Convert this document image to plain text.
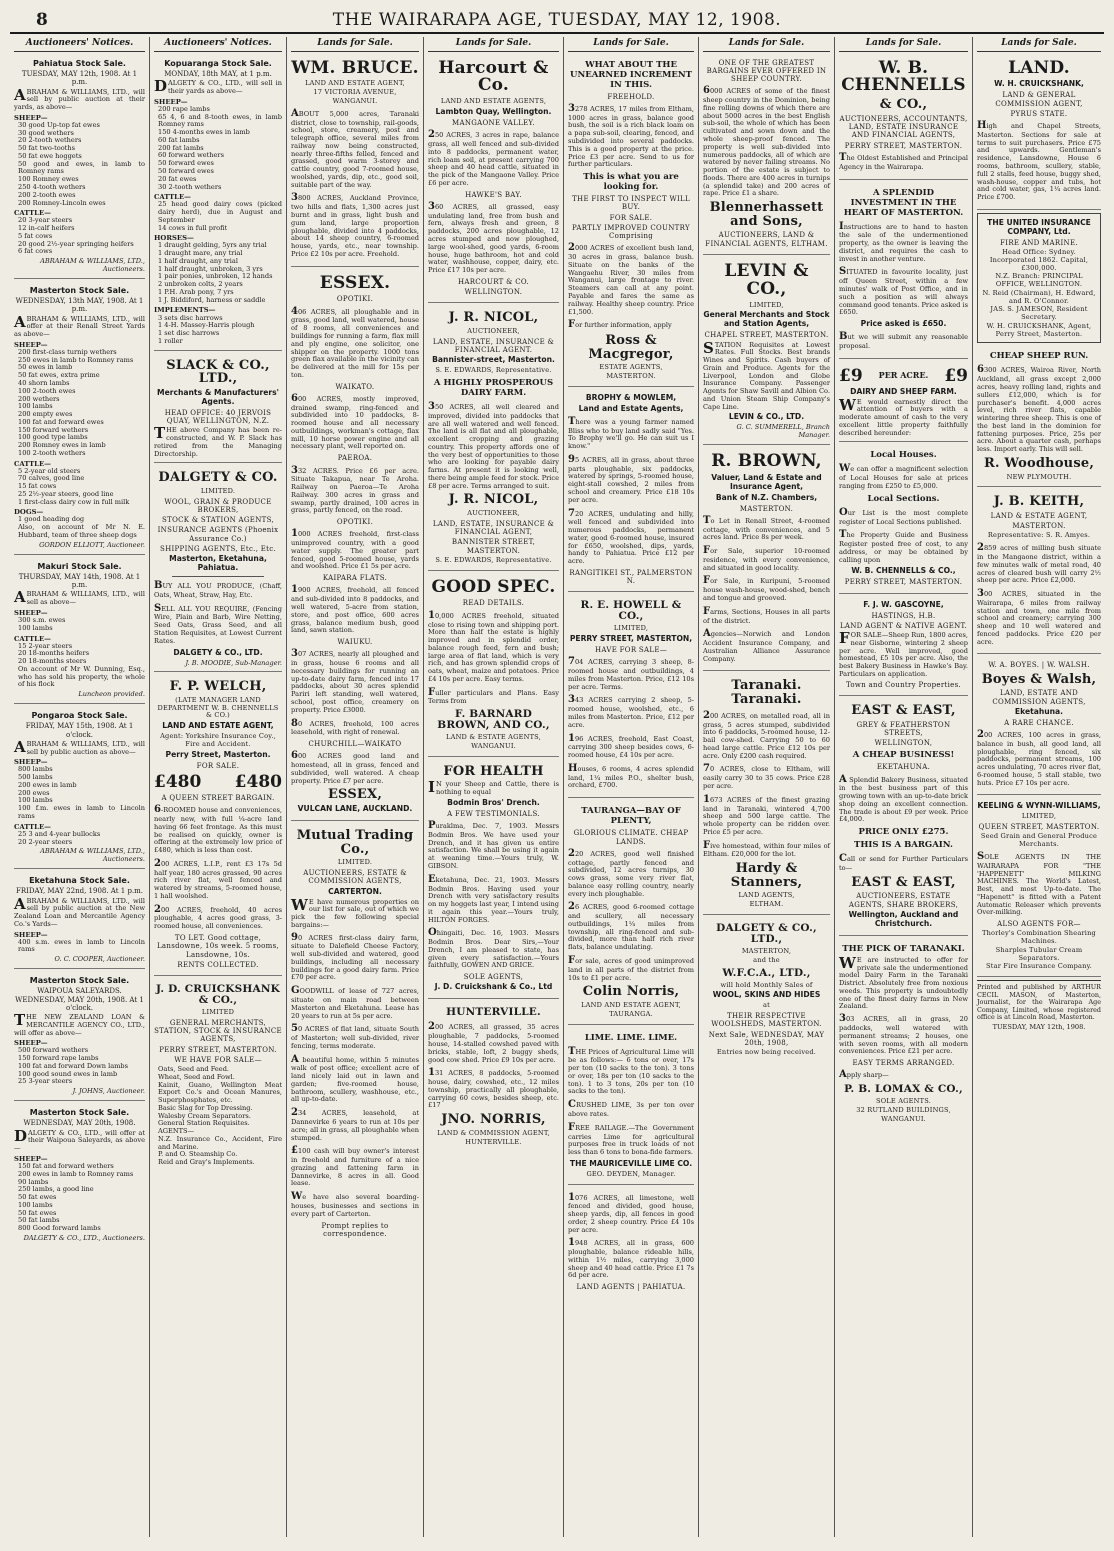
8	THE WAIRARAPA AGE, TUESDAY, MAY 12, 1908.
Auctioneers' Notices.
Pahiatua Stock Sale.
TUESDAY, MAY 12th, 1908. At 1 p.m.
ABRAHAM & WILLIAMS, LTD., will sell by public auction at their yards, as above—
SHEEP—
30 good Up-top fat ewes
30 good wethers
20 2-tooth wethers
50 fat two-tooths
50 fat ewe hoggets
50 good and ewes, in lamb to Romney rams
100 Romney ewes
250 4-tooth wethers
200 2-tooth ewes
200 Romney-Lincoln ewes
CATTLE—
20 3-year steers
12 in-calf heifers
5 fat cows
20 good 2½-year springing heifers
6 fat cows
ABRAHAM & WILLIAMS, LTD., Auctioneers.
Masterton Stock Sale.
WEDNESDAY, 13th MAY, 1908. At 1 p.m.
ABRAHAM & WILLIAMS, LTD., will offer at their Renall Street Yards as above—
SHEEP—
200 first-class turnip wethers
250 ewes in lamb to Romney rams
50 ewes in lamb
50 fat ewes, extra prime
40 shorn lambs
100 2-tooth ewes
200 wethers
100 lambs
200 empty ewes
100 fat and forward ewes
150 forward wethers
100 good type lambs
200 Romney ewes in lamb
100 2-tooth wethers
CATTLE—
5 2-year old steers
70 calves, good line
15 fat cows
25 2½-year steers, good line
1 first-class dairy cow in full milk
DOGS—
1 good heading dog
Also, on account of Mr N. E. Hubbard, team of three sheep dogs
GORDON ELLIOTT, Auctioneer.
Makuri Stock Sale.
THURSDAY, MAY 14th, 1908. At 1 p.m.
ABRAHAM & WILLIAMS, LTD., will sell as above—
SHEEP—
300 s.m. ewes
100 lambs
CATTLE—
15 2-year steers
20 18-months heifers
20 18-months steers
On account of Mr W. Dunning, Esq., who has sold his property, the whole of his flock
Luncheon provided.
Pongaroa Stock Sale.
FRIDAY, MAY 15th, 1908. At 1 o'clock.
ABRAHAM & WILLIAMS, LTD., will sell by public auction as above—
SHEEP—
800 lambs
500 lambs
200 ewes in lamb
200 ewes
100 lambs
100 f.m. ewes in lamb to Lincoln rams
CATTLE—
25 3 and 4-year bullocks
20 2-year steers
ABRAHAM & WILLIAMS, LTD., Auctioneers.
Eketahuna Stock Sale.
FRIDAY, MAY 22nd, 1908. At 1 p.m.
ABRAHAM & WILLIAMS, LTD., will sell by public auction at the New Zealand Loan and Mercantile Agency Co.'s Yards—
SHEEP—
400 s.m. ewes in lamb to Lincoln rams
O. C. COOPER, Auctioneer.
Masterton Stock Sale.
WAIPOUA SALEYARDS. WEDNESDAY, MAY 20th, 1908. At 1 o'clock.
THE NEW ZEALAND LOAN & MERCANTILE AGENCY CO., LTD., will offer as above—
SHEEP—
500 forward wethers
150 forward rape lambs
100 fat and forward Down lambs
100 good sound ewes in lamb
25 3-year steers
J. JOHNS, Auctioneer.
Masterton Stock Sale.
WEDNESDAY, MAY 20th, 1908.
DALGETY & CO., LTD., will offer at their Waipoua Saleyards, as above—
SHEEP—
150 fat and forward wethers
200 ewes in lamb to Romney rams
90 lambs
250 lambs, a good line
50 fat ewes
100 lambs
50 fat ewes
50 fat lambs
800 Good forward lambs
DALGETY & CO., LTD., Auctioneers.
Auctioneers' Notices.
Kopuaranga Stock Sale.
MONDAY, 18th MAY, at 1 p.m.
DALGETY & CO., LTD., will sell in their yards as above—
SHEEP—
200 rape lambs
65 4, 6 and 8-tooth ewes, in lamb Romney rams
150 4-months ewes in lamb
60 fat lambs
200 fat lambs
60 forward wethers
50 forward ewes
50 forward ewes
20 fat ewes
30 2-tooth wethers
CATTLE—
25 head good dairy cows (picked dairy herd), due in August and September
14 cows in full profit
HORSES—
1 draught gelding, 5yrs any trial
1 draught mare, any trial
1 half draught, any trial
1 half draught, unbroken, 3 yrs
1 pair ponies, unbroken, 12 hands
2 unbroken colts, 2 years
1 P.H. Arab pony, 7 yrs
1 J. Biddiford, harness or saddle
IMPLEMENTS—
3 sets disc harrows
1 4-H. Massey-Harris plough
1 set disc harrows
1 roller
SLACK & CO., LTD.,
Merchants & Manufacturers' Agents.
HEAD OFFICE: 40 JERVOIS QUAY, WELLINGTON, N.Z.
THE above Company has been re-constructed, and W. P. Slack has retired from the Managing Directorship.
DALGETY & CO.
LIMITED.
WOOL, GRAIN & PRODUCE BROKERS,
STOCK & STATION AGENTS,
INSURANCE AGENTS (Phoenix Assurance Co.)
SHIPPING AGENTS, Etc., Etc.
Masterton, Eketahuna, Pahiatua.
BUY ALL YOU PRODUCE, (Chaff, Oats, Wheat, Straw, Hay, Etc.
SELL ALL YOU REQUIRE, (Fencing Wire, Plain and Barb, Wire Netting, Seed Oats, Grass Seed, and all Station Requisites, at Lowest Current Rates.
DALGETY & CO., LTD.
J. B. MOODIE, Sub-Manager.
F. P. WELCH,
(LATE MANAGER LAND DEPARTMENT W. B. CHENNELLS & CO.)
LAND AND ESTATE AGENT,
Agent: Yorkshire Insurance Coy., Fire and Accident.
Perry Street, Masterton.
FOR SALE.
£480 £480
A QUEEN STREET BARGAIN.
6-ROOMED house and conveniences, nearly new, with full ¼-acre land having 66 feet frontage. As this must be realised on quickly, owner is offering at the extremely low price of £480, which is less than cost.
200 ACRES, L.I.P., rent £3 17s 5d half year, 180 acres grassed, 90 acres rich river flat, well fenced and watered by streams, 5-roomed house, 1 hall woolshed.
200 ACRES, freehold, 40 acres ploughable, 4 acres good grass, 3-roomed house, all conveniences.
TO LET. Good cottage, Lansdowne, 10s week. 5 rooms, Lansdowne, 10s.
RENTS COLLECTED.
J. D. CRUICKSHANK & CO.,
LIMITED
GENERAL MERCHANTS, STATION, STOCK & INSURANCE AGENTS,
PERRY STREET, MASTERTON.
WE HAVE FOR SALE—
Oats, Seed and Feed.
Wheat, Seed and Fowl.
Kainit, Guano, Wellington Meat Export Co.'s and Ocean Manures, Superphosphates, etc.
Basic Slag for Top Dressing.
Walesby Cream Separators.
General Station Requisites.
AGENTS—
N.Z. Insurance Co., Accident, Fire and Marine.
P. and O. Steamship Co.
Reid and Gray's Implements.
Lands for Sale.
WM. BRUCE.
LAND AND ESTATE AGENT,
17 VICTORIA AVENUE,
WANGANUI.
ABOUT 5,000 acres, Taranaki district, close to township, rail-goods, school, store, creamery, post and telegraph office, several miles from railway now being constructed, nearly three-fifths felled, fenced and grassed, good warm 3-storey and cattle country, good 7-roomed house, woolshed, yards, dip, etc., good soil, suitable part of the way.
3800 ACRES, Auckland Province, two hills and flats, 1,300 acres just burnt and in grass, light bush and gum land, large proportion ploughable, divided into 4 paddocks, about 14 sheep country, 6-roomed house, yards, etc., near township. Price £2 10s per acre. Freehold.
ESSEX.
OPOTIKI.
406 ACRES, all ploughable and in grass, good land, well watered, house of 8 rooms, all conveniences and buildings for running a farm, flax mill and ply engine, one solicitor, one shipper on the property. 1000 tons green flax available in the vicinity can be delivered at the mill for 15s per ton.
WAIKATO.
600 ACRES, mostly improved, drained swamp, ring-fenced and subdivided into 10 paddocks, 8-roomed house and all necessary outbuildings, workman's cottage, flax mill, 10 horse power engine and all necessary plant, well reported on.
PAEROA.
332 ACRES. Price £6 per acre. Situate Takapua, near Te Aroha. Railway on Paeroa—Te Aroha Railway. 300 acres in grass and swamp, partly drained, 100 acres in grass, partly fenced, on the road.
OPOTIKI.
1000 ACRES freehold, first-class unimproved country, with a good water supply. The greater part fenced, good 5-roomed house, yards and woolshed. Price £1 5s per acre.
KAIPARA FLATS.
1900 ACRES, freehold, all fenced and sub-divided into 8 paddocks, and well watered, 5-acre from station, store, and post office, 600 acres grass, balance medium bush, good land, sawn station.
WAIUKU.
307 ACRES, nearly all ploughed and in grass, house 6 rooms and all necessary buildings for running an up-to-date dairy farm, fenced into 17 paddocks, about 30 acres splendid Pariri left standing, well watered, school, post office, creamery on property. Price £3000.
80 ACRES, freehold, 100 acres leasehold, with right of renewal.
CHURCHILL—WAIKATO
600 ACRES good land and homestead, all in grass, fenced and subdivided, well watered. A cheap property. Price £7 per acre.
ESSEX,
VULCAN LANE, AUCKLAND.
Mutual Trading Co.,
LIMITED.
AUCTIONEERS, ESTATE & COMMISSION AGENTS,
CARTERTON.
WE have numerous properties on our list for sale, out of which we pick the few following special bargains:—
90 ACRES first-class dairy farm, situate to Dalefield Cheese Factory, well sub-divided and watered, good buildings, including all necessary buildings for a good dairy farm. Price £70 per acre.
GOODWILL of lease of 727 acres, situate on main road between Masterton and Eketahuna. Lease has 20 years to run at 5s per acre.
50 ACRES of flat land, situate South of Masterton; well sub-divided, river fencing, terms moderate.
A beautiful home, within 5 minutes walk of post office; excellent acre of land nicely laid out in lawn and garden; five-roomed house, bathroom, scullery, washhouse, etc., all up-to-date.
234 ACRES, leasehold, at Dannevirke 6 years to run at 10s per acre; all in grass, all ploughable when stumped.
£100 cash will buy owner's interest in freehold and furniture of a nice grazing and fattening farm in Dannevirke, 8 acres in all. Good lease.
We have also several boarding-houses, businesses and sections in every part of Carterton.
Prompt replies to correspondence.
Lands for Sale.
Harcourt & Co.
LAND AND ESTATE AGENTS,
Lambton Quay, Wellington.
MANGAONE VALLEY.
250 ACRES, 3 acres in rape, balance grass, all well fenced and sub-divided into 8 paddocks, permanent water, rich loam soil, at present carrying 700 sheep and 40 head cattle, situated in the pick of the Mangaone Valley. Price £6 per acre.
HAWKE'S BAY.
360 ACRES, all grassed, easy undulating land, free from bush and fern, always fresh and green, 8 paddocks, 200 acres ploughable, 12 acres stumped and now ploughed, large wool-shed, good yards, 6-room house, huge bathroom, hot and cold water, washhouse, copper, dairy, etc. Price £17 10s per acre.
HARCOURT & CO.
WELLINGTON.
J. R. NICOL,
AUCTIONEER,
LAND, ESTATE, INSURANCE & FINANCIAL AGENT.
Bannister-street, Masterton.
S. E. EDWARDS, Representative.
A HIGHLY PROSPEROUS DAIRY FARM.
350 ACRES, all well cleared and improved, divided into paddocks that are all well watered and well fenced. The land is all flat and all ploughable, excellent cropping and grazing country. This property affords one of the very best of opportunities to those who are looking for payable dairy farms. At present it is looking well, there being ample feed for stock. Price £8 per acre. Terms arranged to suit.
J. R. NICOL,
AUCTIONEER,
LAND, ESTATE, INSURANCE & FINANCIAL AGENT,
BANNISTER STREET, MASTERTON.
S. E. EDWARDS, Representative.
GOOD SPEC.
READ DETAILS.
10,000 ACRES freehold, situated close to rising town and shipping port. More than half the estate is highly improved and in splendid order, balance rough feed, fern and bush; large area of flat land, which is very rich, and has grown splendid crops of oats, wheat, maize and potatoes. Price £4 10s per acre. Easy terms.
Fuller particulars and Plans. Easy Terms from
F. BARNARD BROWN, AND CO.,
LAND & ESTATE AGENTS,
WANGANUI.
FOR HEALTH
IN your Sheep and Cattle, there is nothing to equal
Bodmin Bros' Drench.
A FEW TESTIMONIALS.
Puraklma, Dec. 7, 1903. Messrs Bodmin Bros. We have used your Drench, and it has given us entire satisfaction. We shall be using it again at weaning time.—Yours truly, W. GIBSON.
Eketahuna, Dec. 21, 1903. Messrs Bodmin Bros. Having used your Drench with very satisfactory results on my hoggets last year, I intend using it again this year.—Yours truly, HILTON FORGES.
Ohingaiti, Dec. 16, 1903. Messrs Bodmin Bros. Dear Sirs,—Your Drench, I am pleased to state, has given every satisfaction.—Yours faithfully, GOWEN AND GRICE.
SOLE AGENTS,
J. D. Cruickshank & Co., Ltd
HUNTERVILLE.
200 ACRES, all grassed, 35 acres ploughable, 7 paddocks, 5-roomed house, 14-stalled cowshed paved with bricks, stable, loft, 2 buggy sheds, good cow shed. Price £9 10s per acre.
131 ACRES, 8 paddocks, 5-roomed house, dairy, cowshed, etc., 12 miles township, practically all ploughable, carrying 60 cows, besides sheep, etc. £17
JNO. NORRIS,
LAND & COMMISSION AGENT,
HUNTERVILLE.
Lands for Sale.
WHAT ABOUT THE UNEARNED INCREMENT IN THIS.
FREEHOLD.
3278 ACRES, 17 miles from Eltham, 1000 acres in grass, balance good bush, the soil is a rich black loam on a papa sub-soil, clearing, fenced, and subdivided into several paddocks. This is a good property at the price. Price £3 per acre. Send to us for further particulars.
This is what you are looking for.
THE FIRST TO INSPECT WILL BUY.
FOR SALE.
PARTLY IMPROVED COUNTRY Comprising
2000 ACRES of excellent bush land, 30 acres in grass, balance bush. Situate on the banks of the Wangaehu River, 30 miles from Wanganui, large frontage to river. Steamers can call at any point. Payable and fares the same as railway. Healthy sheep country. Price £1,500.
For further information, apply
Ross & Macgregor,
ESTATE AGENTS,
MASTERTON.
BROPHY & MOWLEM,
Land and Estate Agents,
There was a young farmer named Bliss who to buy land sadly said "Yes. To Brophy we'll go. He can suit us I know."
95 ACRES, all in grass, about three parts ploughable, six paddocks, watered by springs, 5-roomed house, eight-stall cowshed, 2 miles from school and creamery. Price £18 10s per acre.
720 ACRES, undulating and hilly, well fenced and subdivided into numerous paddocks, permanent water, good 6-roomed house, insured for £650, woolshed, dips, yards, handy to Pahiatua. Price £12 per acre.
RANGITIKEI ST., PALMERSTON N.
R. E. HOWELL & CO.,
LIMITED,
PERRY STREET, MASTERTON,
HAVE FOR SALE—
704 ACRES, carrying 3 sheep, 8-roomed house and outbuildings, 4 miles from Masterton. Price, £12 10s per acre. Terms.
343 ACRES carrying 2 sheep, 5-roomed house, woolshed, etc., 6 miles from Masterton. Price, £12 per acre.
196 ACRES, freehold, East Coast, carrying 300 sheep besides cows, 6-roomed house, £4 10s per acre.
Houses, 6 rooms, 4 acres splendid land, 1¼ miles P.O., shelter bush, orchard, £700.
TAURANGA—BAY OF PLENTY,
GLORIOUS CLIMATE. CHEAP LANDS.
220 ACRES, good well finished cottage, partly fenced and subdivided, 12 acres turnips, 30 cows grass, some very river flat, balance easy rolling country, nearly every inch ploughable.
26 ACRES, good 6-roomed cottage and scullery, all necessary outbuildings, 1¼ miles from township, all ring-fenced and sub-divided, more than half rich river flats, balance undulating.
For sale, acres of good unimproved land in all parts of the district from 10s to £1 per acre.
Colin Norris,
LAND AND ESTATE AGENT,
TAURANGA.
LIME. LIME. LIME.
THE Prices of Agricultural Lime will be as follows:— 6 tons or over, 17s per ton (10 sacks to the ton). 3 tons or over, 18s per ton (10 sacks to the ton). 1 to 3 tons, 20s per ton (10 sacks to the ton).
CRUSHED LIME, 3s per ton over above rates.
FREE RAILAGE.—The Government carries Lime for agricultural purposes free in truck loads of not less than 6 tons to bona-fide farmers.
THE MAURICEVILLE LIME CO.
GEO. DEYDEN, Manager.
1076 ACRES, all limestone, well fenced and divided, good house, sheep yards, dip, all fences in good order, 2 sheep country. Price £4 10s per acre.
1948 ACRES, all in grass, 600 ploughable, balance rideable hills, within 1½ miles, carrying 3,000 sheep and 40 head cattle. Price £1 7s 6d per acre.
LAND AGENTS | PAHIATUA.
Lands for Sale.
ONE OF THE GREATEST BARGAINS EVER OFFERED IN SHEEP COUNTRY.
6000 ACRES of some of the finest sheep country in the Dominion, being fine rolling downs of which there are about 5000 acres in the best English sub-soil, the whole of which has been cultivated and sown down and the whole sheep-proof fenced. The property is well sub-divided into numerous paddocks, all of which are watered by never failing streams. No portion of the estate is subject to floods. There are 400 acres in turnips (a splendid take) and 200 acres of rape. Price £1 a share.
Blennerhassett and Sons,
AUCTIONEERS, LAND & FINANCIAL AGENTS, ELTHAM.
LEVIN & CO.,
LIMITED,
General Merchants and Stock and Station Agents,
CHAPEL STREET, MASTERTON.
STATION Requisites at Lowest Rates. Full Stocks. Best brands Wines and Spirits. Cash buyers of Grain and Produce. Agents for the Liverpool, London and Globe Insurance Company. Passenger Agents for Shaw Savill and Albion Co. and Union Steam Ship Company's Cape Line.
LEVIN & CO., LTD.
G. C. SUMMERELL, Branch Manager.
R. BROWN,
Valuer, Land & Estate and Insurance Agent,
Bank of N.Z. Chambers,
MASTERTON.
To Let in Renall Street, 4-roomed cottage, with conveniences, and 5 acres land. Price 8s per week.
For Sale, superior 10-roomed residence, with every convenience, and situated in good locality.
For Sale, in Kuripuni, 5-roomed house wash-house, wood-shed, bench and tongue and grooved.
Farms, Sections, Houses in all parts of the district.
Agencies—Norwich and London Accident Insurance Company, and Australian Alliance Assurance Company.
Taranaki. Taranaki.
200 ACRES, on metalled road, all in grass, 5 acres stumped, subdivided into 6 paddocks, 5-roomed house, 12-bail cow-shed. Carrying 50 to 60 head large cattle. Price £12 10s per acre. Only £200 cash required.
70 ACRES, close to Eltham, will easily carry 30 to 35 cows. Price £28 per acre.
1673 ACRES of the finest grazing land in Taranaki, wintered 4,700 sheep and 500 large cattle. The whole property can be ridden over. Price £5 per acre.
Five homestead, within four miles of Eltham. £20,000 for the lot.
Hardy & Stanners,
LAND AGENTS,
ELTHAM.
DALGETY & CO., LTD.,
MASTERTON,
and the
W.F.C.A., LTD.,
will hold Monthly Sales of
WOOL, SKINS AND HIDES
at
THEIR RESPECTIVE WOOLSHEDS, MASTERTON.
Next Sale, WEDNESDAY, MAY 20th, 1908,
Entries now being received.
Lands for Sale.
W. B. CHENNELLS
& CO.,
AUCTIONEERS, ACCOUNTANTS, LAND, ESTATE INSURANCE AND FINANCIAL AGENTS,
PERRY STREET, MASTERTON.
The Oldest Established and Principal Agency in the Wairarapa.
A SPLENDID INVESTMENT IN THE HEART OF MASTERTON.
Instructions are to hand to hasten the sale of the undermentioned property, as the owner is leaving the district, and requires the cash to invest in another venture.
SITUATED in favourite locality, just off Queen Street, within a few minutes' walk of Post Office, and in such a position as will always command good tenants. Price asked is £650.
Price asked is £650.
But we will submit any reasonable proposal.
£9 PER ACRE. £9
DAIRY AND SHEEP FARM.
WE would earnestly direct the attention of buyers with a moderate amount of cash to the very excellent little property faithfully described hereunder:
Local Houses.
We can offer a magnificent selection of Local Houses for sale at prices ranging from £250 to £5,000.
Local Sections.
Our List is the most complete register of Local Sections published.
The Property Guide and Business Register posted free of cost, to any address, or may be obtained by calling upon
W. B. CHENNELLS & CO.,
PERRY STREET, MASTERTON.
F. J. W. GASCOYNE,
HASTINGS, H.B.
LAND AGENT & NATIVE AGENT.
FOR SALE—Sheep Run, 1800 acres, near Gisborne, wintering 2 sheep per acre. Well improved, good homestead, £5 10s per acre. Also, the best Bakery Business in Hawke's Bay. Particulars on application.
Town and Country Properties.
EAST & EAST,
GREY & FEATHERSTON STREETS,
WELLINGTON,
A CHEAP BUSINESS!
EKETAHUNA.
A Splendid Bakery Business, situated in the best business part of this growing town with an up-to-date brick shop doing an excellent connection. The trade is about £9 per week. Price £4,000.
PRICE ONLY £275.
THIS IS A BARGAIN.
Call or send for Further Particulars to—
EAST & EAST,
AUCTIONEERS, ESTATE AGENTS, SHARE BROKERS,
Wellington, Auckland and Christchurch.
THE PICK OF TARANAKI.
WE are instructed to offer for private sale the undermentioned model Dairy Farm in the Taranaki District. Absolutely free from noxious weeds. This property is undoubtedly one of the finest dairy farms in New Zealand.
303 ACRES, all in grass, 20 paddocks, well watered with permanent streams; 2 houses, one with seven rooms, with all modern conveniences. Price £21 per acre.
EASY TERMS ARRANGED.
Apply sharp—
P. B. LOMAX & CO.,
SOLE AGENTS.
32 RUTLAND BUILDINGS,
WANGANUI.
Lands for Sale.
LAND.
W. H. CRUICKSHANK,
LAND & GENERAL COMMISSION AGENT,
PYRUS STATE.
High and Chapel Streets, Masterton. Sections for sale at terms to suit purchasers. Price £75 and upwards. Gentleman's residence, Lansdowne, House 6 rooms, bathroom, scullery, stable, full 2 stalls, feed house, buggy shed, wash-house, copper and tubs, hot and cold water, gas, 1¼ acres land. Price £700.
THE UNITED INSURANCE COMPANY, Ltd.
FIRE AND MARINE.
Head Office: Sydney. Incorporated 1862. Capital, £300,000.
N.Z. Branch: PRINCIPAL OFFICE, WELLINGTON.
N. Reid (Chairman), H. Edward, and R. O'Connor.
JAS. S. JAMESON, Resident Secretary.
W. H. CRUICKSHANK, Agent, Perry Street, Masterton.
CHEAP SHEEP RUN.
6300 ACRES, Wairoa River, North Auckland, all grass except 2,000 acres, heavy rolling land, rights and sullers £12,000, which is for purchaser's benefit. 4,000 acres level, rich river flats, capable wintering three sheep. This is one of the best land in the dominion for fattening purposes. Price, 25s per acre. About a quarter cash, perhaps less. Import early. This will sell.
R. Woodhouse,
NEW PLYMOUTH.
J. B. KEITH,
LAND & ESTATE AGENT,
MASTERTON.
Representative: S. R. Amyes.
2859 acres of milling bush situate in the Mangaone district, within a few minutes walk of metal road, 40 acres of cleared bush will carry 2½ sheep per acre. Price £2,000.
300 ACRES, situated in the Wairarapa, 6 miles from railway station and town, one mile from school and creamery; carrying 300 sheep and 10 well watered and fenced paddocks. Price £20 per acre.
W. A. BOYES. | W. WALSH.
Boyes & Walsh,
LAND, ESTATE AND COMMISSION AGENTS,
Eketahuna.
A RARE CHANCE.
200 ACRES, 100 acres in grass, balance in bush, all good land, all ploughable, ring fenced, six paddocks, permanent streams, 100 acres undulating, 70 acres river flat, 6-roomed house, 5 stall stable, two huts. Price £7 10s per acre.
KEELING & WYNN-WILLIAMS,
LIMITED,
QUEEN STREET, MASTERTON.
Seed Grain and General Produce Merchants.
SOLE AGENTS IN THE WAIRARAPA FOR "THE 'HAPPENETT' MILKING MACHINES. The World's Latest, Best, and most Up-to-date. The "Hapenett" is fitted with a Patent Automatic Releaser which prevents Over-milking.
ALSO AGENTS FOR—
Thorley's Combination Shearing Machines.
Sharples Tubular Cream Separators.
Star Fire Insurance Company.
Printed and published by ARTHUR CECIL MASON, of Masterton, Journalist, for the Wairarapa Age Company, Limited, whose registered office is at Lincoln Road, Masterton.
TUESDAY, MAY 12th, 1908.
